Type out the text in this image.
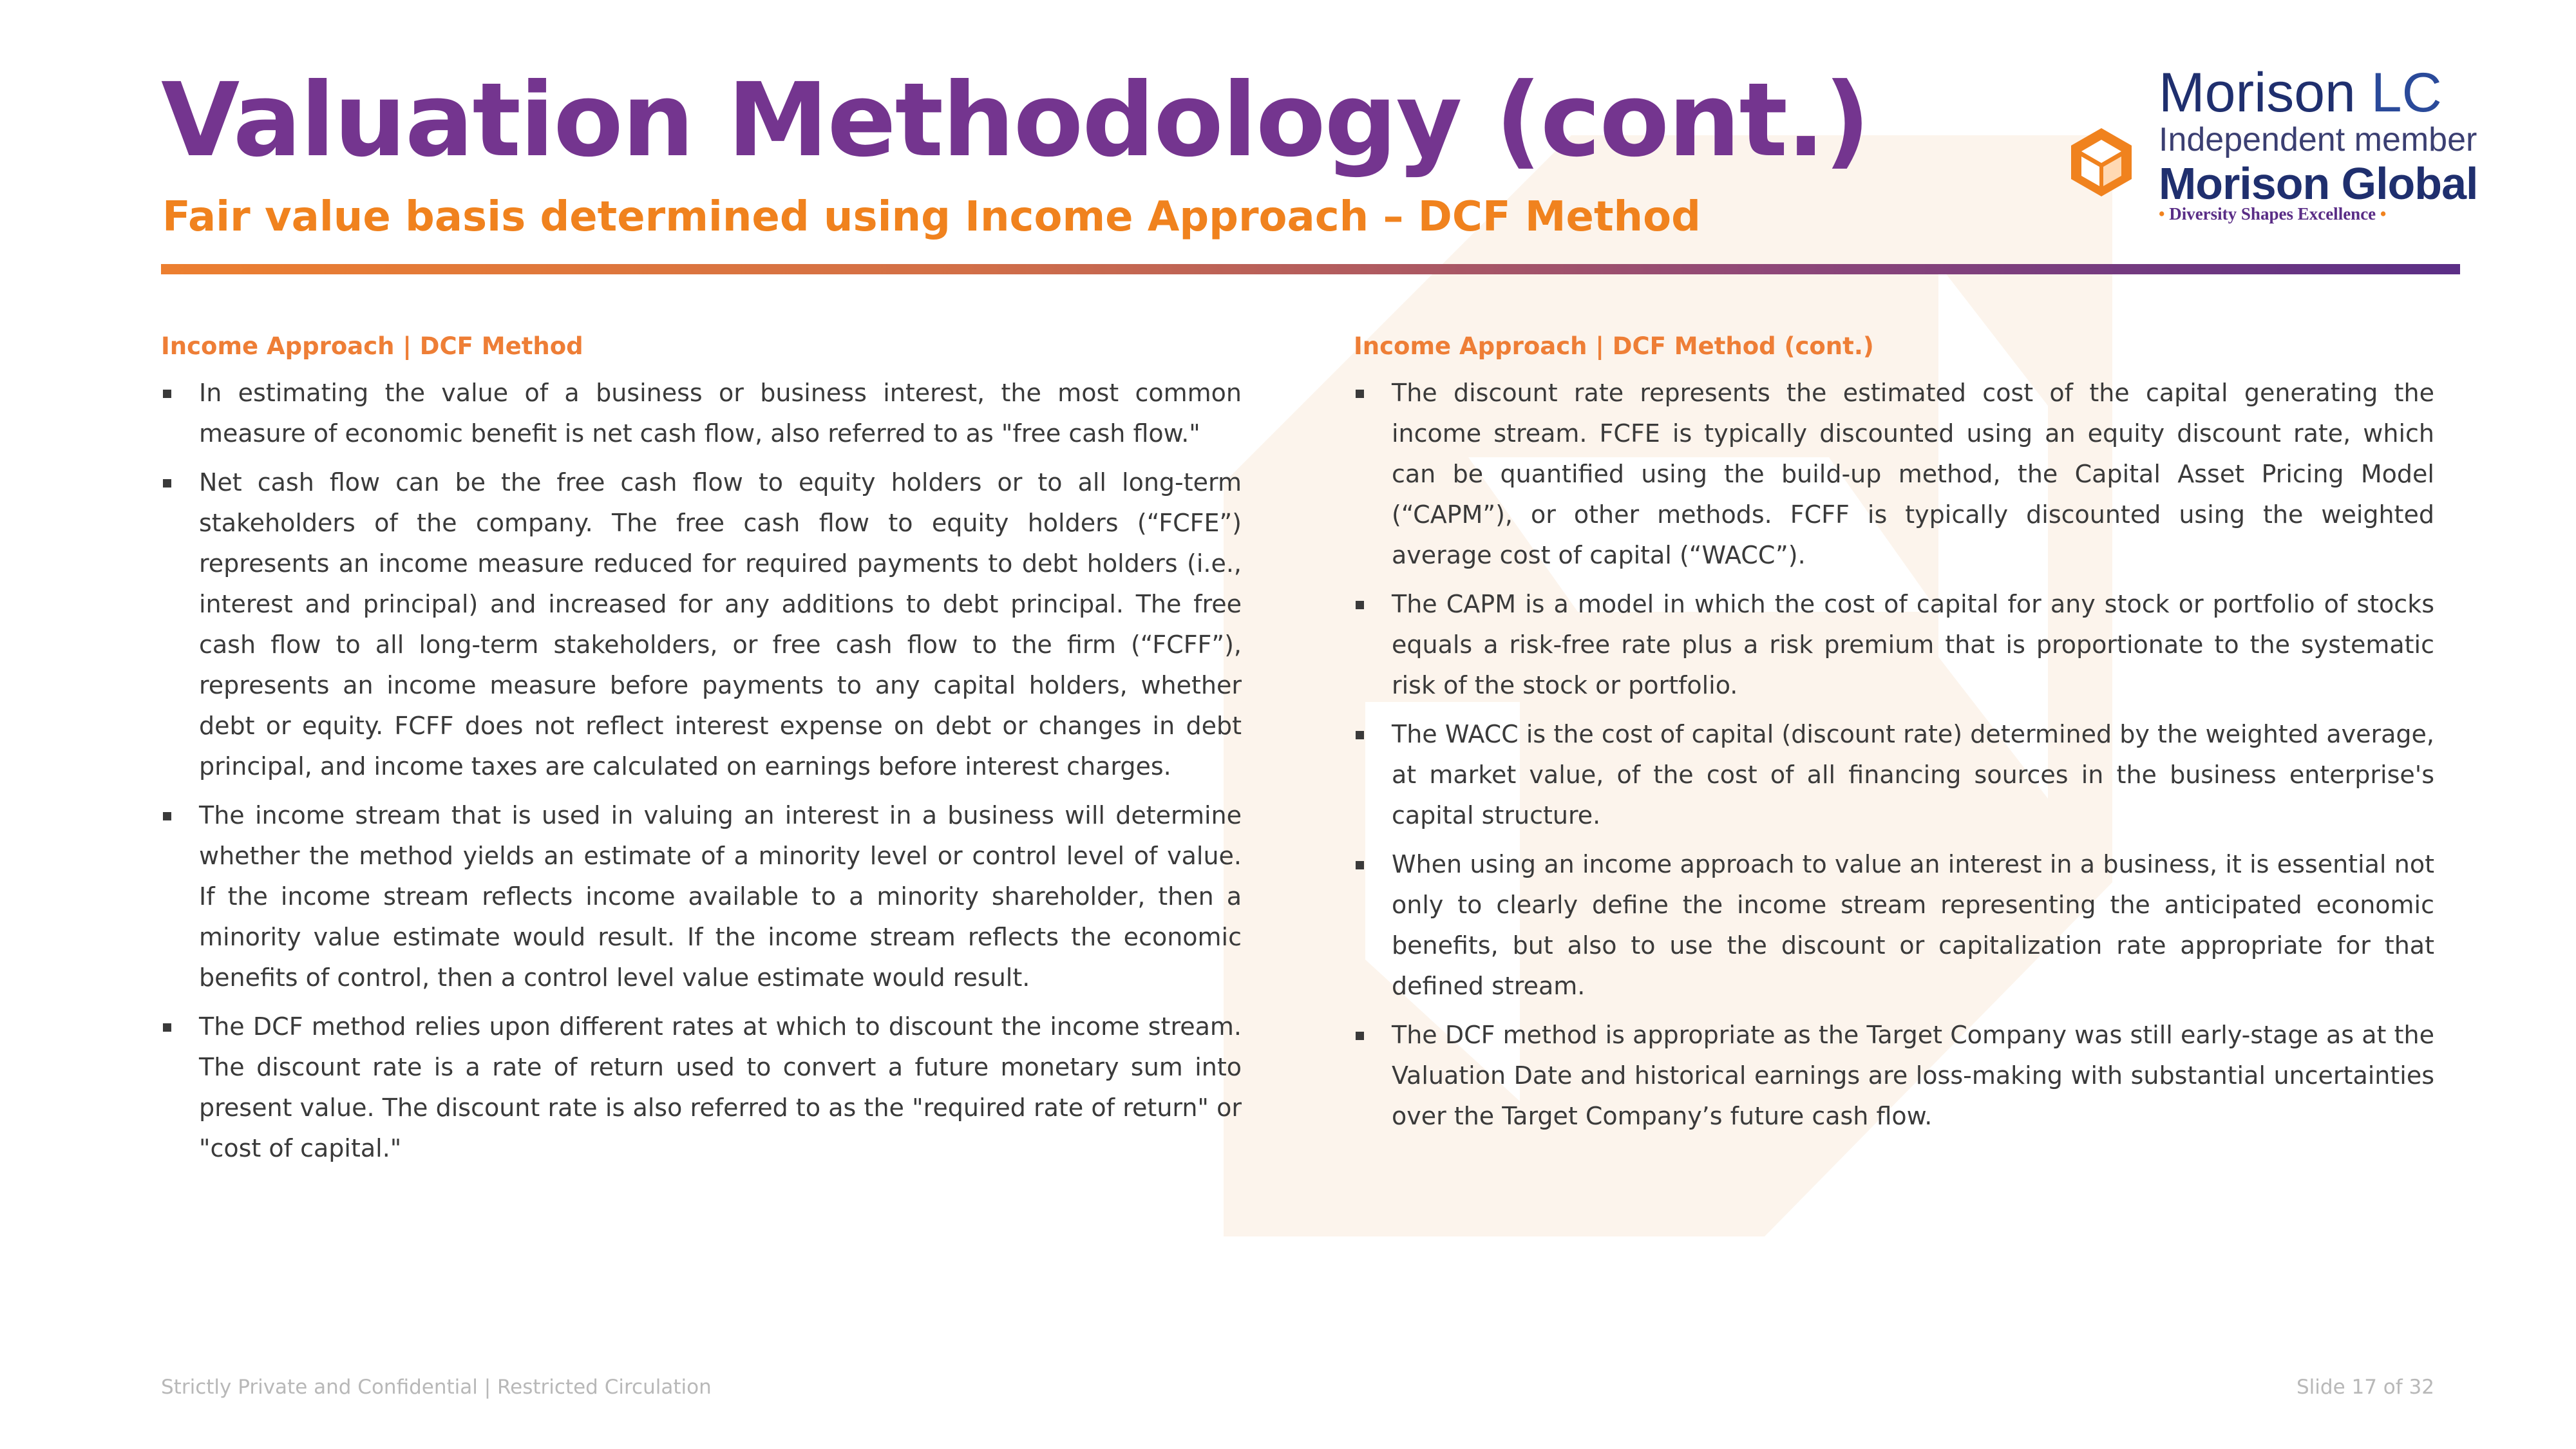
Valuation Methodology (cont.)
Fair value basis determined using Income Approach – DCF Method
Morison LC
Independent member
Morison Global
• Diversity Shapes Excellence •
Income Approach | DCF Method
In estimating the value of a business or business interest, the most common measure of economic benefit is net cash flow, also referred to as "free cash flow."
Net cash flow can be the free cash flow to equity holders or to all long-term stakeholders of the company. The free cash flow to equity holders (“FCFE”) represents an income measure reduced for required payments to debt holders (i.e., interest and principal) and increased for any additions to debt principal. The free cash flow to all long-term stakeholders, or free cash flow to the firm (“FCFF”), represents an income measure before payments to any capital holders, whether debt or equity. FCFF does not reflect interest expense on debt or changes in debt principal, and income taxes are calculated on earnings before interest charges.
The income stream that is used in valuing an interest in a business will determine whether the method yields an estimate of a minority level or control level of value. If the income stream reflects income available to a minority shareholder, then a minority value estimate would result. If the income stream reflects the economic benefits of control, then a control level value estimate would result.
The DCF method relies upon different rates at which to discount the income stream. The discount rate is a rate of return used to convert a future monetary sum into present value. The discount rate is also referred to as the "required rate of return" or "cost of capital."
Income Approach | DCF Method (cont.)
The discount rate represents the estimated cost of the capital generating the income stream. FCFE is typically discounted using an equity discount rate, which can be quantified using the build-up method, the Capital Asset Pricing Model (“CAPM”), or other methods. FCFF is typically discounted using the weighted average cost of capital (“WACC”).
The CAPM is a model in which the cost of capital for any stock or portfolio of stocks equals a risk-free rate plus a risk premium that is proportionate to the systematic risk of the stock or portfolio.
The WACC is the cost of capital (discount rate) determined by the weighted average, at market value, of the cost of all financing sources in the business enterprise's capital structure.
When using an income approach to value an interest in a business, it is essential not only to clearly define the income stream representing the anticipated economic benefits, but also to use the discount or capitalization rate appropriate for that defined stream.
The DCF method is appropriate as the Target Company was still early-stage as at the Valuation Date and historical earnings are loss-making with substantial uncertainties over the Target Company’s future cash flow.
Strictly Private and Confidential | Restricted Circulation	Slide 17 of 32
